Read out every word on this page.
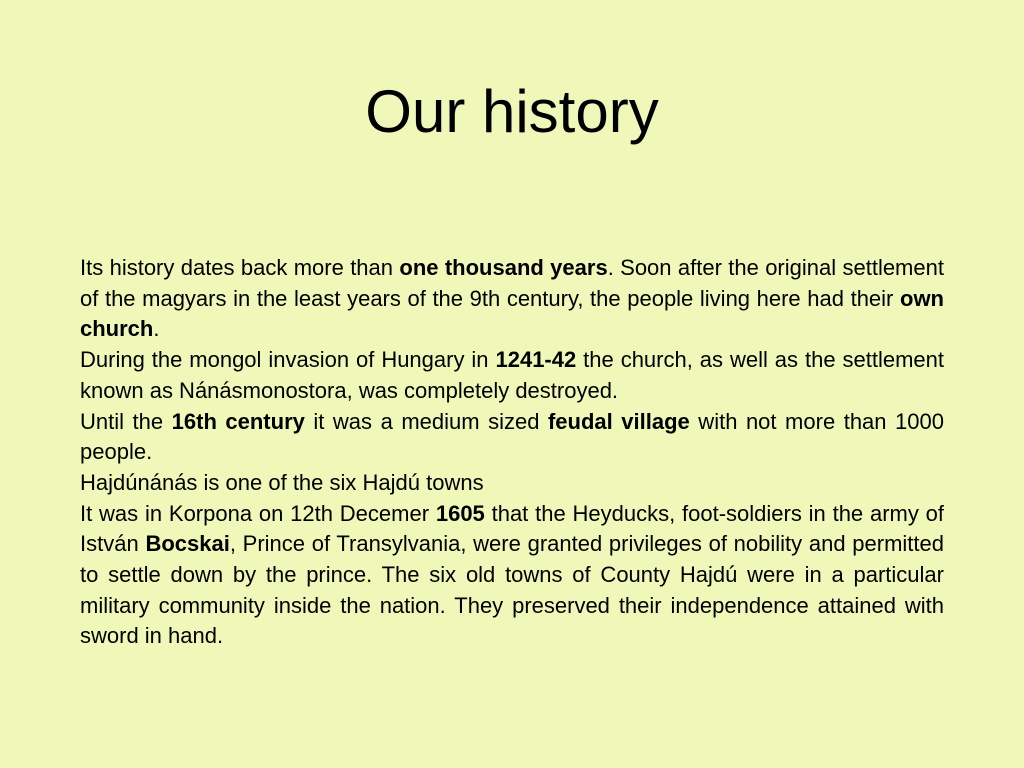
Our history

Its history dates back more than one thousand years. Soon after the original settlement of the magyars in the least years of the 9th century, the people living here had their own church.

During the mongol invasion of Hungary in 1241-42 the church, as well as the settlement known as Nánásmonostora, was completely destroyed.

Until the 16th century it was a medium sized feudal village with not more than 1000 people.

Hajdúnánás is one of the six Hajdú towns

It was in Korpona on 12th Decemer 1605 that the Heyducks, foot-soldiers in the army of István Bocskai, Prince of Transylvania, were granted privileges of nobility and permitted to settle down by the prince. The six old towns of County Hajdú were in a particular military community inside the nation. They preserved their independence attained with sword in hand.
